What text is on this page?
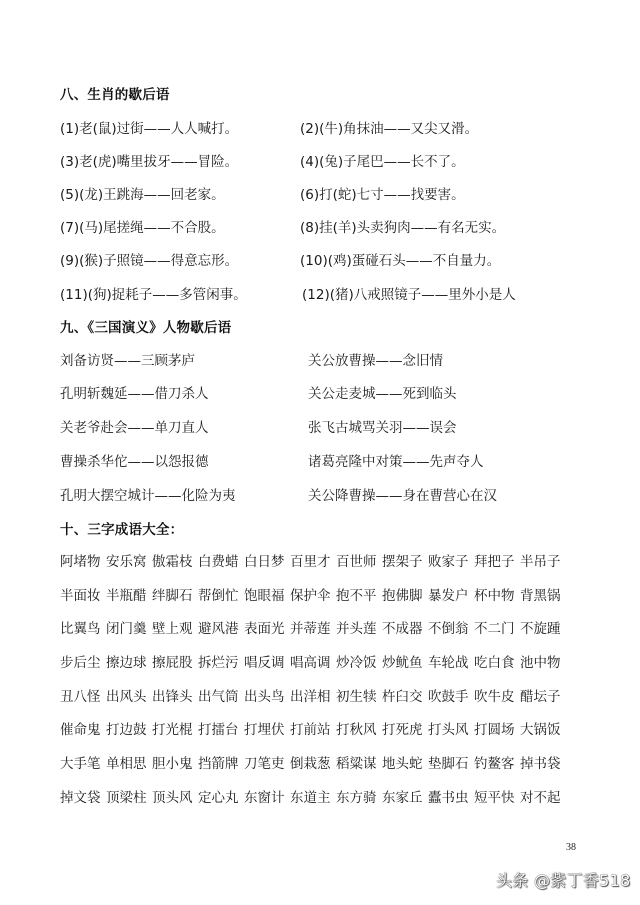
八、生肖的歇后语
(1)老(鼠)过街——人人喊打。	(2)(牛)角抹油——又尖又滑。
(3)老(虎)嘴里拔牙——冒险。	(4)(兔)子尾巴——长不了。
(5)(龙)王跳海——回老家。	(6)打(蛇)七寸——找要害。
(7)(马)尾搓绳——不合股。	(8)挂(羊)头卖狗肉——有名无实。
(9)(猴)子照镜——得意忘形。	(10)(鸡)蛋碰石头——不自量力。
(11)(狗)捉耗子——多管闲事。	(12)(猪)八戒照镜子——里外小是人
九、《三国演义》人物歇后语
刘备访贤——三顾茅庐	关公放曹操——念旧情
孔明斩魏延——借刀杀人	关公走麦城——死到临头
关老爷赴会——单刀直人	张飞古城骂关羽——误会
曹操杀华佗——以怨报德	诸葛亮隆中对策——先声夺人
孔明大摆空城计——化险为夷	关公降曹操——身在曹营心在汉
十、三字成语大全：
阿堵物 安乐窝 傲霜枝 白费蜡 白日梦 百里才 百世师 摆架子 败家子 拜把子 半吊子
半面妆 半瓶醋 绊脚石 帮倒忙 饱眼福 保护伞 抱不平 抱佛脚 暴发户 杯中物 背黑锅
比翼鸟 闭门羹 壁上观 避风港 表面光 并蒂莲 并头莲 不成器 不倒翁 不二门 不旋踵
步后尘 擦边球 擦屁股 拆烂污 唱反调 唱高调 炒冷饭 炒鱿鱼 车轮战 吃白食 池中物
丑八怪 出风头 出锋头 出气筒 出头鸟 出洋相 初生犊 杵臼交 吹鼓手 吹牛皮 醋坛子
催命鬼 打边鼓 打光棍 打擂台 打埋伏 打前站 打秋风 打死虎 打头风 打圆场 大锅饭
大手笔 单相思 胆小鬼 挡箭牌 刀笔吏 倒栽葱 稻粱谋 地头蛇 垫脚石 钓鳌客 掉书袋
掉文袋 顶梁柱 顶头风 定心丸 东窗计 东道主 东方骑 东家丘 蠹书虫 短平快 对不起
38
头条 @紫丁香518
